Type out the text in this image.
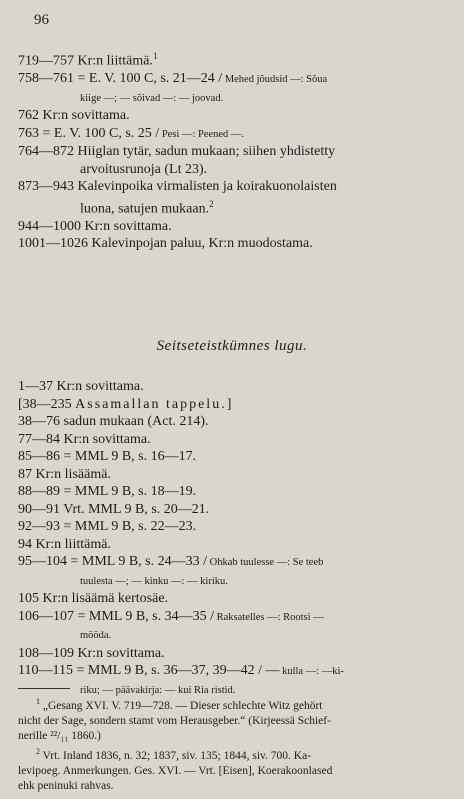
96
719—757 Kr:n liittämä.$^1$
758—761 = E. V. 100 C, s. 21—24 / Mehed jõudsid —: Sõua
kiige —; — sõivad —: — joovad.
762 Kr:n sovittama.
763 = E. V. 100 C, s. 25 / Pesi —: Peened —.
764—872 Hiiglan tytär, sadun mukaan; siihen yhdistetty
arvoitusrunoja (Lt 23).
873—943 Kalevinpoika virmalisten ja koirakuonolaisten
luona, satujen mukaan.$^2$
944—1000 Kr:n sovittama.
1001—1026 Kalevinpojan paluu, Kr:n muodostama.
Seitseteistkümnes lugu.
1—37 Kr:n sovittama.
[38—235 Assamallan tappelu.]
38—76 sadun mukaan (Act. 214).
77—84 Kr:n sovittama.
85—86 = MML 9 B, s. 16—17.
87 Kr:n lisäämä.
88—89 = MML 9 B, s. 18—19.
90—91 Vrt. MML 9 B, s. 20—21.
92—93 = MML 9 B, s. 22—23.
94 Kr:n liittämä.
95—104 = MML 9 B, s. 24—33 / Ohkab tuulesse —: Se teeb
tuulesta —; — kinku —: — kiriku.
105 Kr:n lisäämä kertosäe.
106—107 = MML 9 B, s. 34—35 / Raksatelles —: Rootsi —
mööda.
108—109 Kr:n sovittama.
110—115 = MML 9 B, s. 36—37, 39—42 / — kulla —: —ki-
riku; — päävakirja: — kui Ria ristid.
$^1$ „Gesang XVI. V. 719—728. — Dieser schlechte Witz gehört
nicht der Sage, sondern stamt vom Herausgeber.“ (Kirjeessä Schief-
nerille ²²/₁₁ 1860.)
$^2$ Vrt. Inland 1836, n. 32; 1837, siv. 135; 1844, siv. 700. Ka-
levipoeg. Anmerkungen. Ges. XVI. — Vrt. [Eisen], Koerakoonlased
ehk peninuki rahvas.
